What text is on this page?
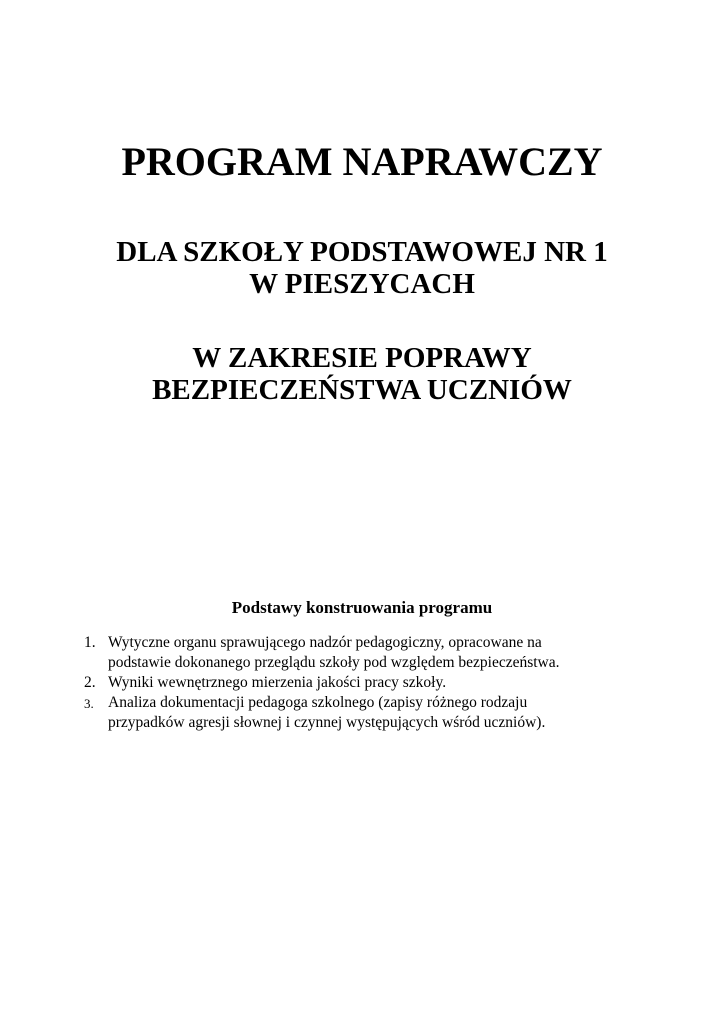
PROGRAM NAPRAWCZY
DLA SZKOŁY PODSTAWOWEJ NR 1
W PIESZYCACH
W ZAKRESIE POPRAWY
BEZPIECZEŃSTWA UCZNIÓW
Podstawy konstruowania programu
1. Wytyczne organu sprawującego nadzór pedagogiczny, opracowane na
podstawie dokonanego przeglądu szkoły pod względem bezpieczeństwa.
2. Wyniki wewnętrznego mierzenia jakości pracy szkoły.
3. Analiza dokumentacji pedagoga szkolnego (zapisy różnego rodzaju
przypadków agresji słownej i czynnej występujących wśród uczniów).
